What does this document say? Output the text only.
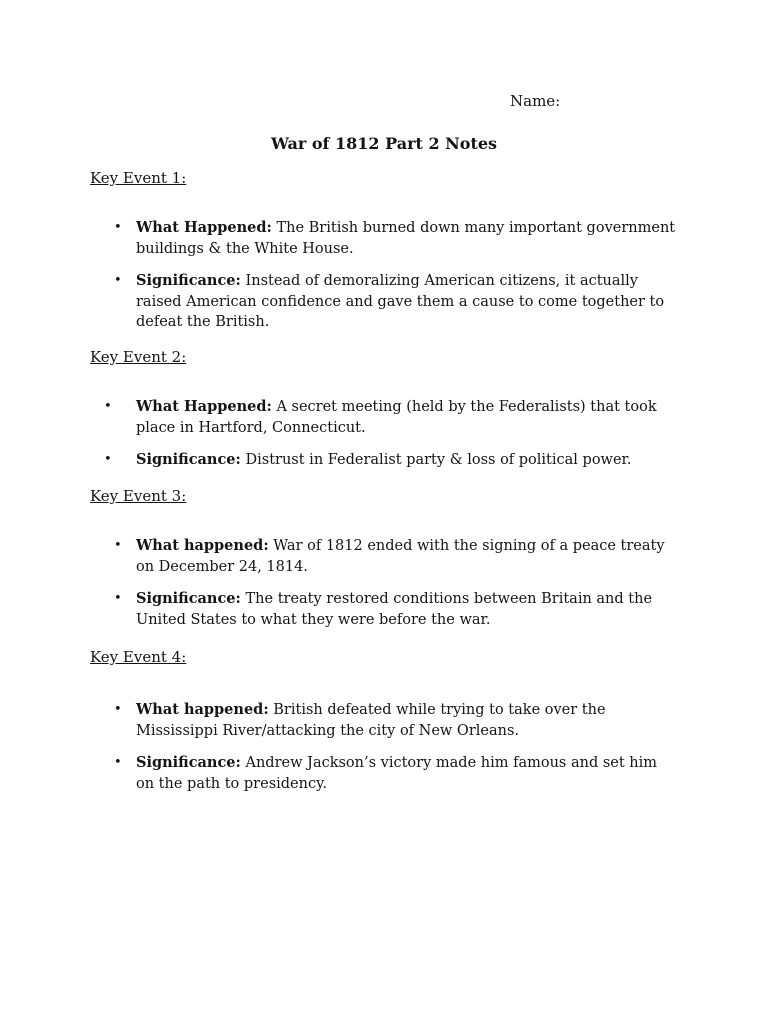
Name:
War of 1812 Part 2 Notes
Key Event 1:
• What Happened: The British burned down many important government buildings & the White House.
• Significance: Instead of demoralizing American citizens, it actually raised American confidence and gave them a cause to come together to defeat the British.
Key Event 2:
• What Happened: A secret meeting (held by the Federalists) that took place in Hartford, Connecticut.
• Significance: Distrust in Federalist party & loss of political power.
Key Event 3:
• What happened: War of 1812 ended with the signing of a peace treaty on December 24, 1814.
• Significance: The treaty restored conditions between Britain and the United States to what they were before the war.
Key Event 4:
• What happened: British defeated while trying to take over the Mississippi River/attacking the city of New Orleans.
• Significance: Andrew Jackson’s victory made him famous and set him on the path to presidency.
